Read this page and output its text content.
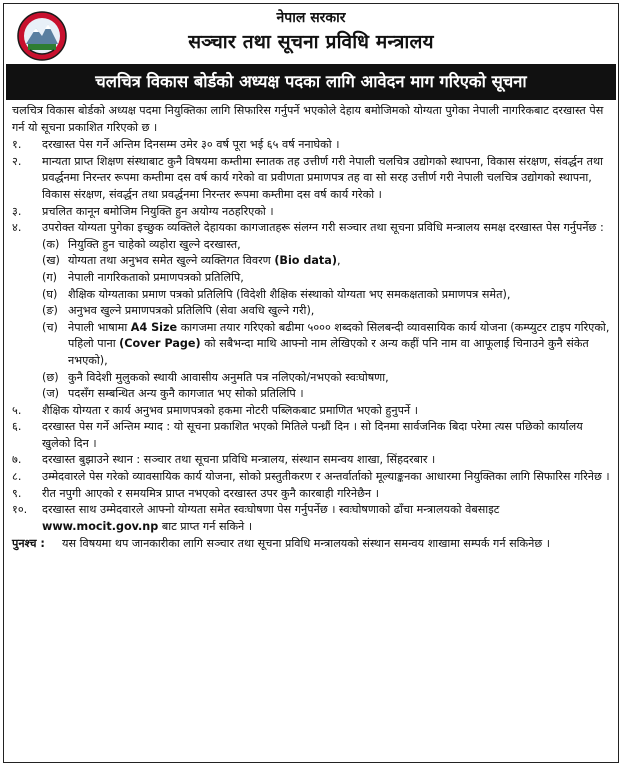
नेपाल सरकार
सञ्चार तथा सूचना प्रविधि मन्त्रालय
चलचित्र विकास बोर्डको अध्यक्ष पदका लागि आवेदन माग गरिएको सूचना

चलचित्र विकास बोर्डको अध्यक्ष पदमा नियुक्तिका लागि सिफारिस गर्नुपर्ने भएकोले देहाय बमोजिमको योग्यता पुगेका नेपाली नागरिकबाट दरखास्त पेस गर्न यो सूचना प्रकाशित गरिएको छ ।

१.	दरखास्त पेस गर्ने अन्तिम दिनसम्म उमेर ३० वर्ष पूरा भई ६५ वर्ष ननाघेको ।
२.	मान्यता प्राप्त शिक्षण संस्थाबाट कुनै विषयमा कम्तीमा स्नातक तह उत्तीर्ण गरी नेपाली चलचित्र उद्योगको स्थापना, विकास संरक्षण, संवर्द्धन तथा प्रवर्द्धनमा निरन्तर रूपमा कम्तीमा दस वर्ष कार्य गरेको वा प्रवीणता प्रमाणपत्र तह वा सो सरह उत्तीर्ण गरी नेपाली चलचित्र उद्योगको स्थापना, विकास संरक्षण, संवर्द्धन तथा प्रवर्द्धनमा निरन्तर रूपमा कम्तीमा दस वर्ष कार्य गरेको ।
३.	प्रचलित कानून बमोजिम नियुक्ति हुन अयोग्य नठहरिएको ।
४.	उपरोक्त योग्यता पुगेका इच्छुक व्यक्तिले देहायका कागजातहरू संलग्न गरी सञ्चार तथा सूचना प्रविधि मन्त्रालय समक्ष दरखास्त पेस गर्नुपर्नेछ :
(क) नियुक्ति हुन चाहेको व्यहोरा खुल्ने दरखास्त,
(ख) योग्यता तथा अनुभव समेत खुल्ने व्यक्तिगत विवरण (Bio data),
(ग) नेपाली नागरिकताको प्रमाणपत्रको प्रतिलिपि,
(घ) शैक्षिक योग्यताका प्रमाण पत्रको प्रतिलिपि (विदेशी शैक्षिक संस्थाको योग्यता भए समकक्षताको प्रमाणपत्र समेत),
(ङ) अनुभव खुल्ने प्रमाणपत्रको प्रतिलिपि (सेवा अवधि खुल्ने गरी),
(च) नेपाली भाषामा A4 Size कागजमा तयार गरिएको बढीमा ५००० शब्दको सिलबन्दी व्यावसायिक कार्य योजना (कम्प्युटर टाइप गरिएको, पहिलो पाना (Cover Page) को सबैभन्दा माथि आफ्नो नाम लेखिएको र अन्य कहीं पनि नाम वा आफूलाई चिनाउने कुनै संकेत नभएको),
(छ) कुनै विदेशी मुलुकको स्थायी आवासीय अनुमति पत्र नलिएको/नभएको स्वःघोषणा,
(ज) पदसँग सम्बन्धित अन्य कुनै कागजात भए सोको प्रतिलिपि ।
५.	शैक्षिक योग्यता र कार्य अनुभव प्रमाणपत्रको हकमा नोटरी पब्लिकबाट प्रमाणित भएको हुनुपर्ने ।
६.	दरखास्त पेस गर्ने अन्तिम म्याद : यो सूचना प्रकाशित भएको मितिले पन्ध्रौं दिन । सो दिनमा सार्वजनिक बिदा परेमा त्यस पछिको कार्यालय खुलेको दिन ।
७.	दरखास्त बुझाउने स्थान : सञ्चार तथा सूचना प्रविधि मन्त्रालय, संस्थान समन्वय शाखा, सिंहदरबार ।
८.	उम्मेदवारले पेस गरेको व्यावसायिक कार्य योजना, सोको प्रस्तुतीकरण र अन्तर्वार्ताको मूल्याङ्कनका आधारमा नियुक्तिका लागि सिफारिस गरिनेछ ।
९.	रीत नपुगी आएको र समयमित्र प्राप्त नभएको दरखास्त उपर कुनै कारबाही गरिनेछैन ।
१०.	दरखास्त साथ उम्मेदवारले आफ्नो योग्यता समेत स्वःघोषणा पेस गर्नुपर्नेछ । स्वःघोषणाको ढाँचा मन्त्रालयको वेबसाइट www.mocit.gov.np बाट प्राप्त गर्न सकिने ।
पुनश्च :	यस विषयमा थप जानकारीका लागि सञ्चार तथा सूचना प्रविधि मन्त्रालयको संस्थान समन्वय शाखामा सम्पर्क गर्न सकिनेछ ।
